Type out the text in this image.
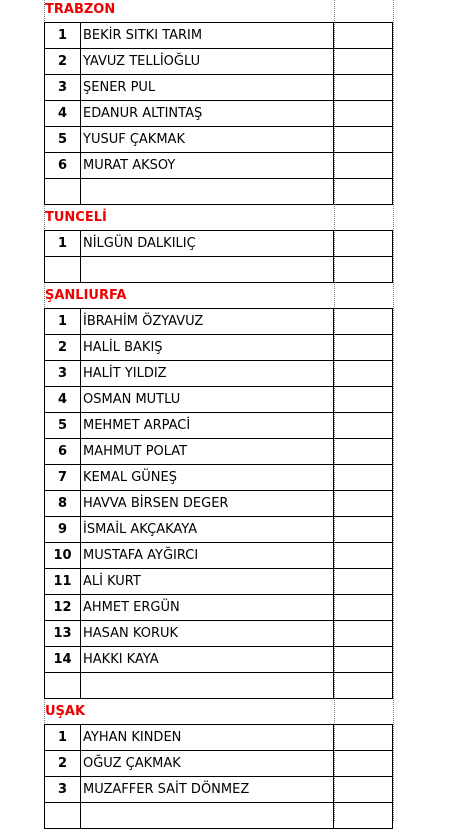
TRABZON
1	BEKİR SITKI TARIM
2	YAVUZ TELLİOĞLU
3	ŞENER PUL
4	EDANUR ALTINTAŞ
5	YUSUF ÇAKMAK
6	MURAT AKSOY
TUNCELİ
1	NİLGÜN DALKILIÇ
ŞANLIURFA
1	İBRAHİM ÖZYAVUZ
2	HALİL BAKIŞ
3	HALİT YILDIZ
4	OSMAN MUTLU
5	MEHMET ARPACİ
6	MAHMUT POLAT
7	KEMAL GÜNEŞ
8	HAVVA BİRSEN DEGER
9	İSMAİL AKÇAKAYA
10 MUSTAFA AYĞIRCI
11 ALİ KURT
12 AHMET ERGÜN
13 HASAN KORUK
14 HAKKI KAYA
UŞAK
1	AYHAN KINDEN
2	OĞUZ ÇAKMAK
3	MUZAFFER SAİT DÖNMEZ
